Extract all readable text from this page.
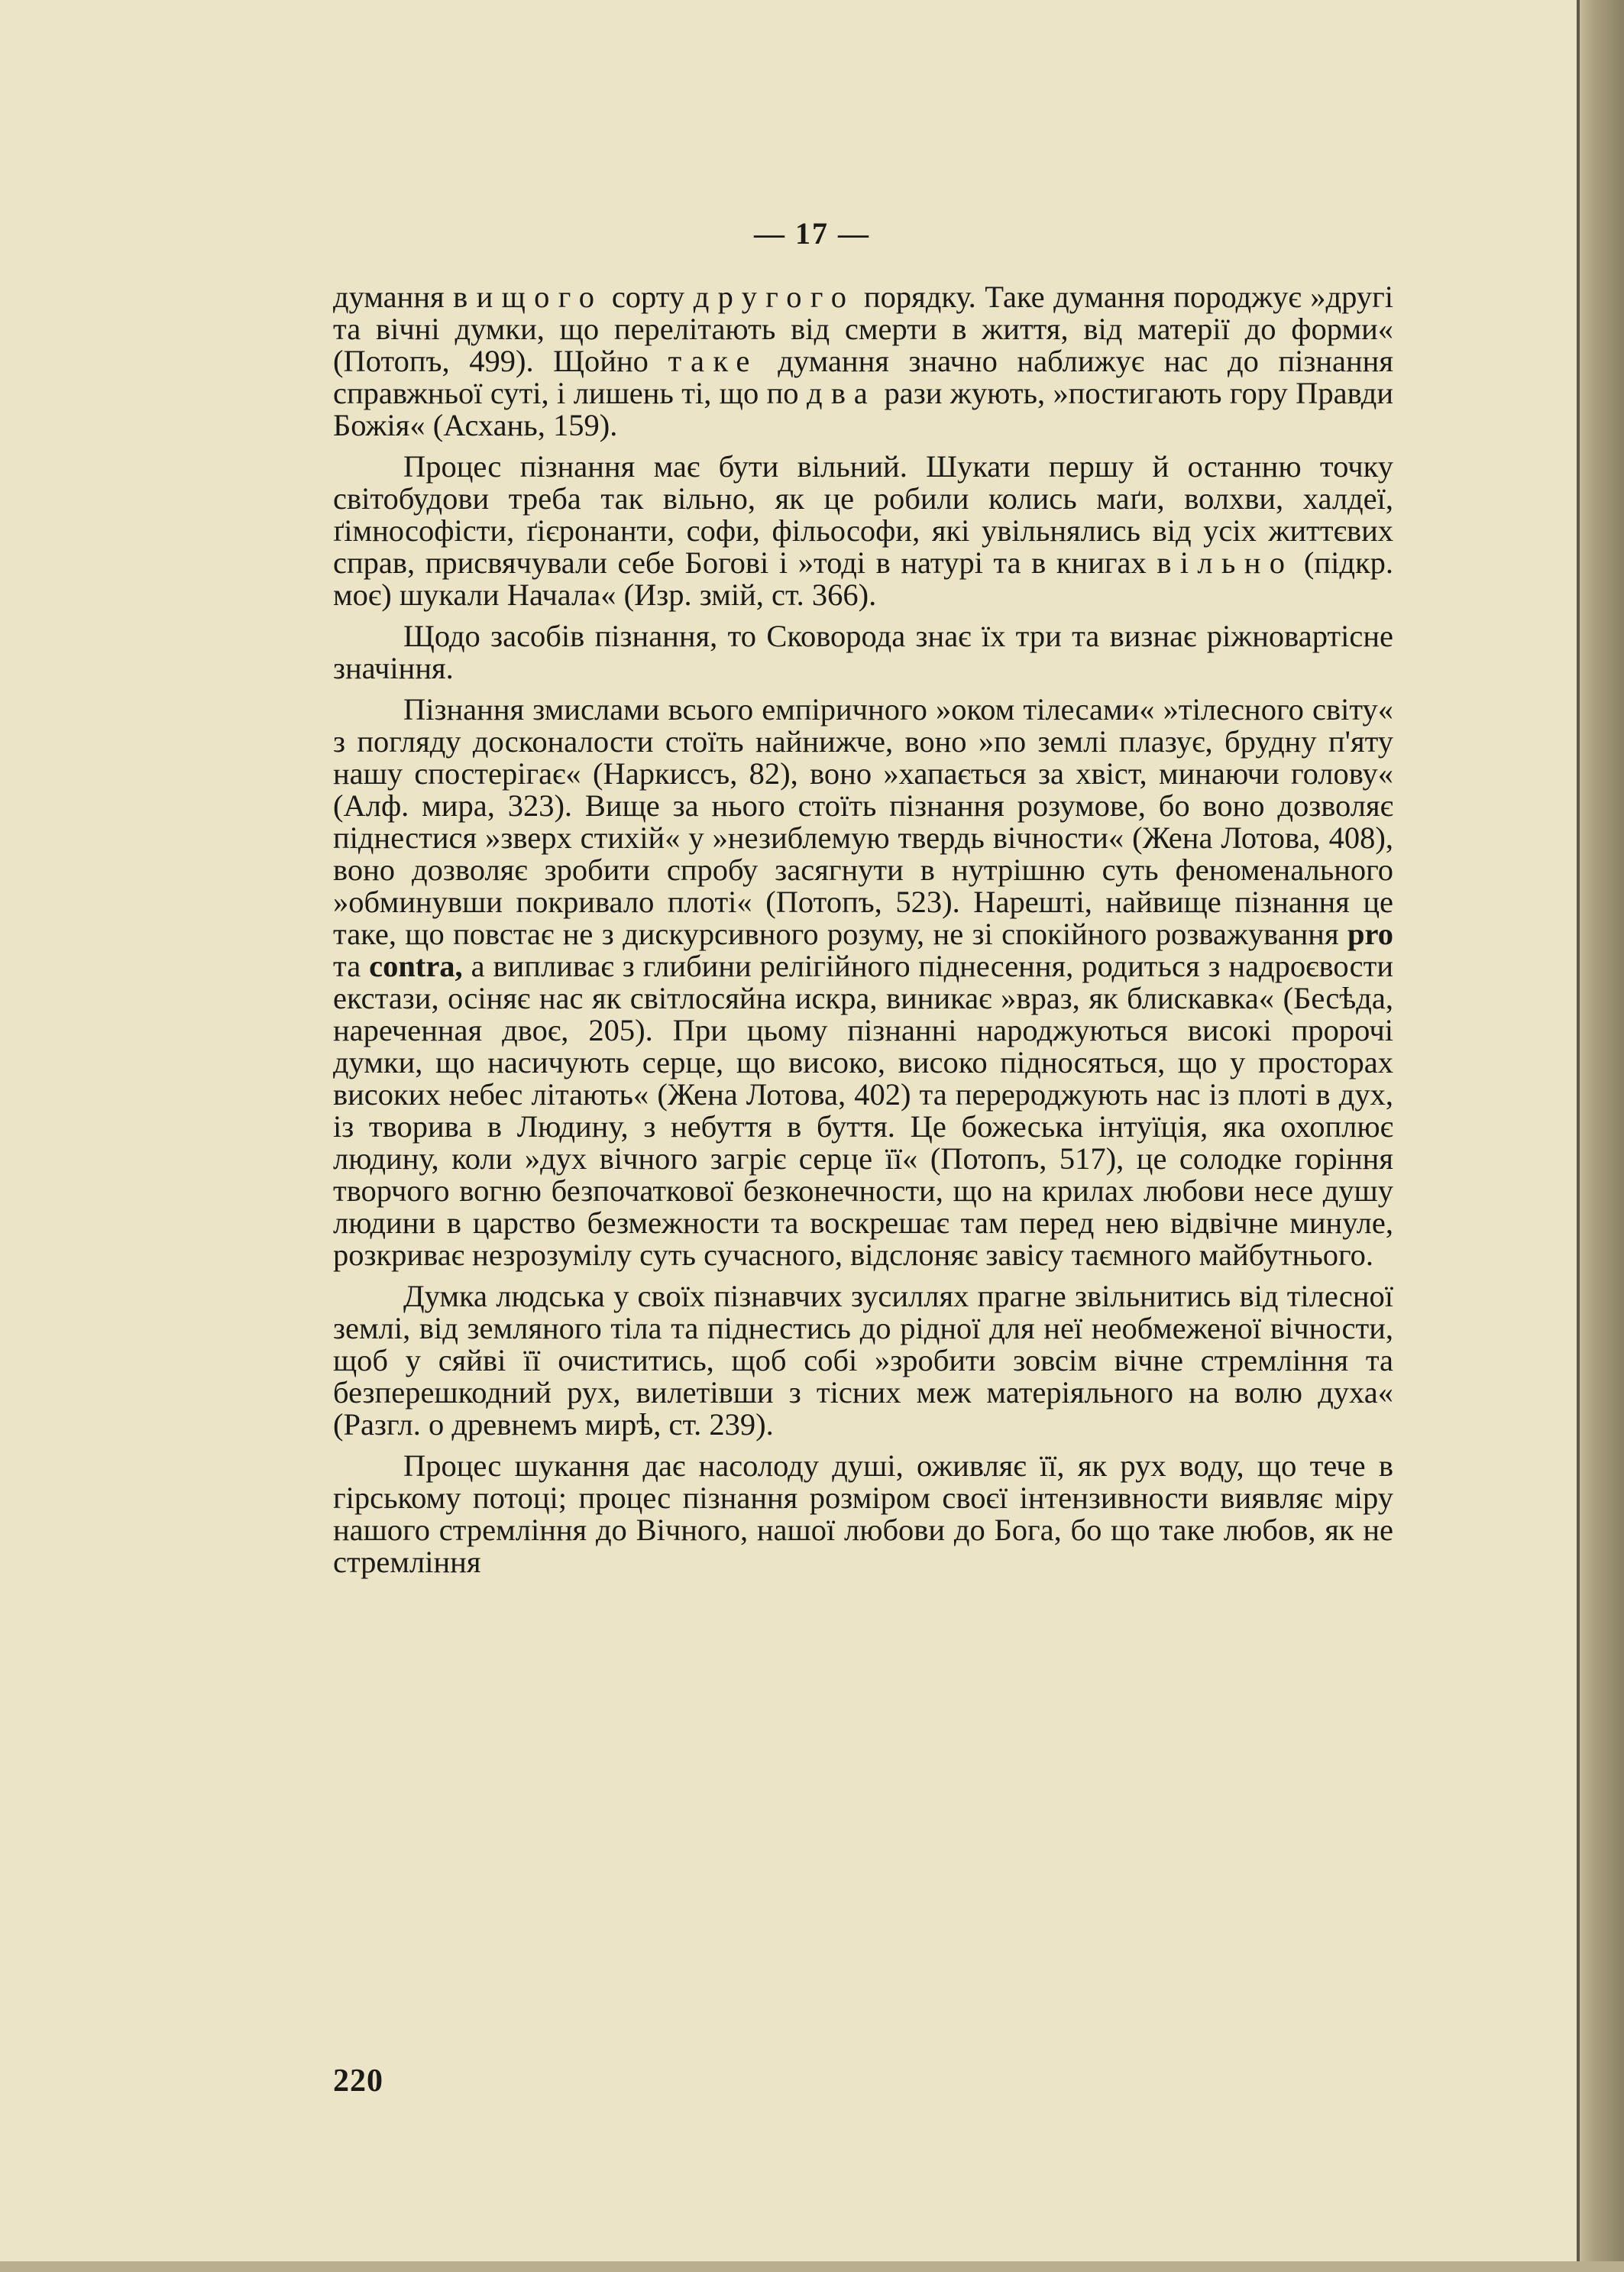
— 17 —

думання вищого сорту другого порядку. Таке думання породжує »другі та вічні думки, що перелітають від смерти в життя, від матерії до форми« (Потопъ, 499). Щойно таке думання значно наближує нас до пізнання справжньої суті, і лишень ті, що по два рази жують, »постигають гору Правди Божія« (Асхань, 159).

Процес пізнання має бути вільний. Шукати першу й останню точку світобудови треба так вільно, як це робили колись маґи, волхви, халдеї, ґімнософісти, ґієронанти, софи, фільософи, які увільнялись від усіх життєвих справ, присвячували себе Богові і »тоді в натурі та в книгах вільно (підкр. моє) шукали Начала« (Изр. змій, ст. 366).

Щодо засобів пізнання, то Сковорода знає їх три та визнає ріжновартісне значіння.

Пізнання змислами всього емпіричного »оком тілесами« »тілесного світу« з погляду досконалости стоїть найнижче, воно »по землі плазує, брудну п'яту нашу спостерігає« (Наркиссъ, 82), воно »хапається за хвіст, минаючи голову« (Алф. мира, 323). Вище за нього стоїть пізнання розумове, бо воно дозволяє піднестися »зверх стихій« у »незиблемую твердь вічности« (Жена Лотова, 408), воно дозволяє зробити спробу засягнути в нутрішню суть феноменального »обминувши покривало плоті« (Потопъ, 523). Нарешті, найвище пізнання це таке, що повстає не з дискурсивного розуму, не зі спокійного розважування pro та contra, а випливає з глибини релігійного піднесення, родиться з надроєвости екстази, осіняє нас як світлосяйна искра, виникає »враз, як блискавка« (Бесѣда, нареченная двоє, 205). При цьому пізнанні народжуються високі пророчі думки, що насичують серце, що високо, високо підносяться, що у просторах високих небес літають« (Жена Лотова, 402) та перероджують нас із плоті в дух, із творива в Людину, з небуття в буття. Це божеська інтуїція, яка охоплює людину, коли »дух вічного загріє серце її« (Потопъ, 517), це солодке горіння творчого вогню безпочаткової безконечности, що на крилах любови несе душу людини в царство безмежности та воскрешає там перед нею відвічне минуле, розкриває незрозумілу суть сучасного, відслоняє завісу таємного майбутнього.

Думка людська у своїх пізнавчих зусиллях прагне звільнитись від тілесної землі, від земляного тіла та піднестись до рідної для неї необмеженої вічности, щоб у сяйві її очиститись, щоб собі »зробити зовсім вічне стремління та безперешкодний рух, вилетівши з тісних меж матеріяльного на волю духа« (Разгл. о древнемъ мирѣ, ст. 239).

Процес шукання дає насолоду душі, оживляє її, як рух воду, що тече в гірському потоці; процес пізнання розміром своєї інтензивности виявляє міру нашого стремління до Вічного, нашої любови до Бога, бо що таке любов, як не стремління

220
